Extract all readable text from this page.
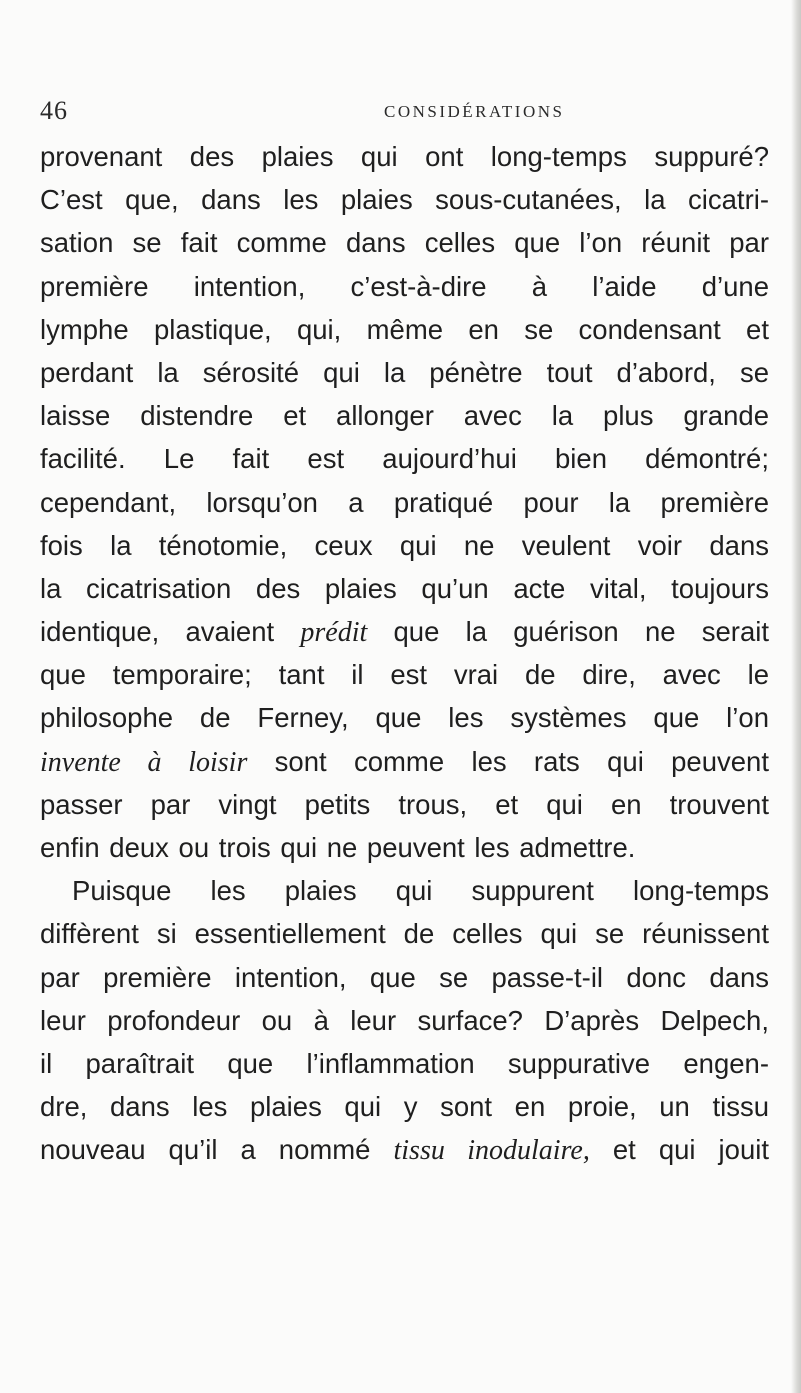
46	CONSIDÉRATIONS
provenant des plaies qui ont long-temps suppuré?
C’est que, dans les plaies sous-cutanées, la cicatri-
sation se fait comme dans celles que l’on réunit par
première intention, c’est-à-dire à l’aide d’une
lymphe plastique, qui, même en se condensant et
perdant la sérosité qui la pénètre tout d’abord, se
laisse distendre et allonger avec la plus grande
facilité. Le fait est aujourd’hui bien démontré;
cependant, lorsqu’on a pratiqué pour la première
fois la ténotomie, ceux qui ne veulent voir dans
la cicatrisation des plaies qu’un acte vital, toujours
identique, avaient prédit que la guérison ne serait
que temporaire; tant il est vrai de dire, avec le
philosophe de Ferney, que les systèmes que l’on
invente à loisir sont comme les rats qui peuvent
passer par vingt petits trous, et qui en trouvent
enfin deux ou trois qui ne peuvent les admettre.
Puisque les plaies qui suppurent long-temps
diffèrent si essentiellement de celles qui se réunissent
par première intention, que se passe-t-il donc dans
leur profondeur ou à leur surface? D’après Delpech,
il paraîtrait que l’inflammation suppurative engen-
dre, dans les plaies qui y sont en proie, un tissu
nouveau qu’il a nommé tissu inodulaire, et qui jouit
